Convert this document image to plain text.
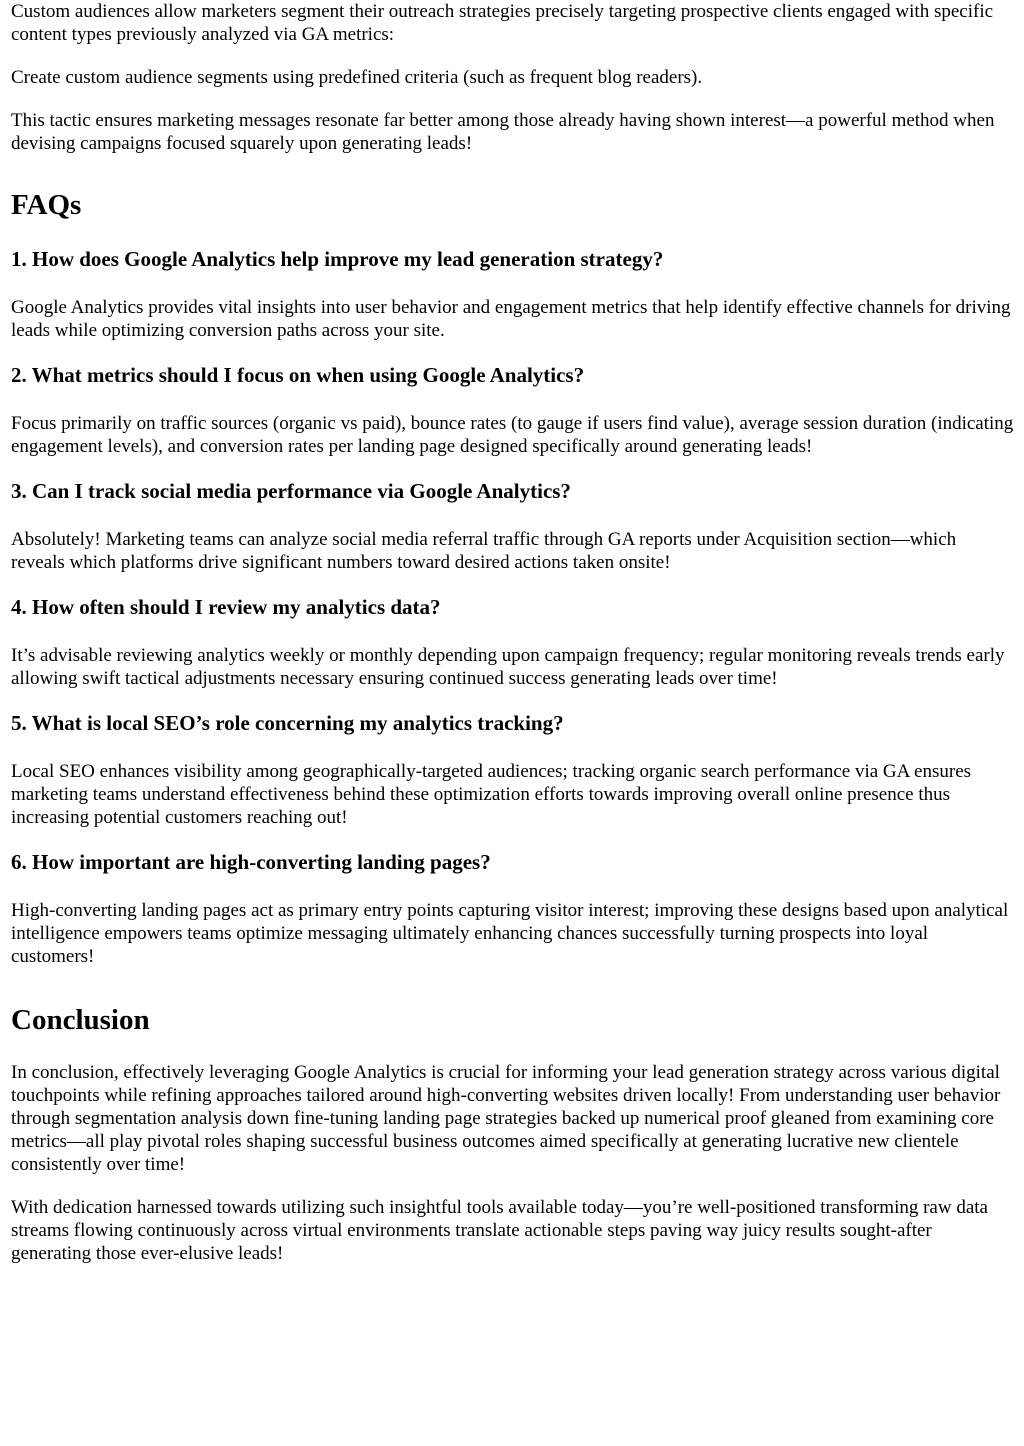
Custom audiences allow marketers segment their outreach strategies precisely targeting prospective clients engaged with specific content types previously analyzed via GA metrics:

Create custom audience segments using predefined criteria (such as frequent blog readers).

This tactic ensures marketing messages resonate far better among those already having shown interest—a powerful method when devising campaigns focused squarely upon generating leads!

FAQs
1. How does Google Analytics help improve my lead generation strategy?

Google Analytics provides vital insights into user behavior and engagement metrics that help identify effective channels for driving leads while optimizing conversion paths across your site.

2. What metrics should I focus on when using Google Analytics?

Focus primarily on traffic sources (organic vs paid), bounce rates (to gauge if users find value), average session duration (indicating engagement levels), and conversion rates per landing page designed specifically around generating leads!

3. Can I track social media performance via Google Analytics?

Absolutely! Marketing teams can analyze social media referral traffic through GA reports under Acquisition section—which reveals which platforms drive significant numbers toward desired actions taken onsite!

4. How often should I review my analytics data?

It’s advisable reviewing analytics weekly or monthly depending upon campaign frequency; regular monitoring reveals trends early allowing swift tactical adjustments necessary ensuring continued success generating leads over time!

5. What is local SEO’s role concerning my analytics tracking?

Local SEO enhances visibility among geographically-targeted audiences; tracking organic search performance via GA ensures marketing teams understand effectiveness behind these optimization efforts towards improving overall online presence thus increasing potential customers reaching out!

6. How important are high-converting landing pages?

High-converting landing pages act as primary entry points capturing visitor interest; improving these designs based upon analytical intelligence empowers teams optimize messaging ultimately enhancing chances successfully turning prospects into loyal customers!

Conclusion

In conclusion, effectively leveraging Google Analytics is crucial for informing your lead generation strategy across various digital touchpoints while refining approaches tailored around high-converting websites driven locally! From understanding user behavior through segmentation analysis down fine-tuning landing page strategies backed up numerical proof gleaned from examining core metrics—all play pivotal roles shaping successful business outcomes aimed specifically at generating lucrative new clientele consistently over time!

With dedication harnessed towards utilizing such insightful tools available today—you’re well-positioned transforming raw data streams flowing continuously across virtual environments translate actionable steps paving way juicy results sought-after generating those ever-elusive leads!
